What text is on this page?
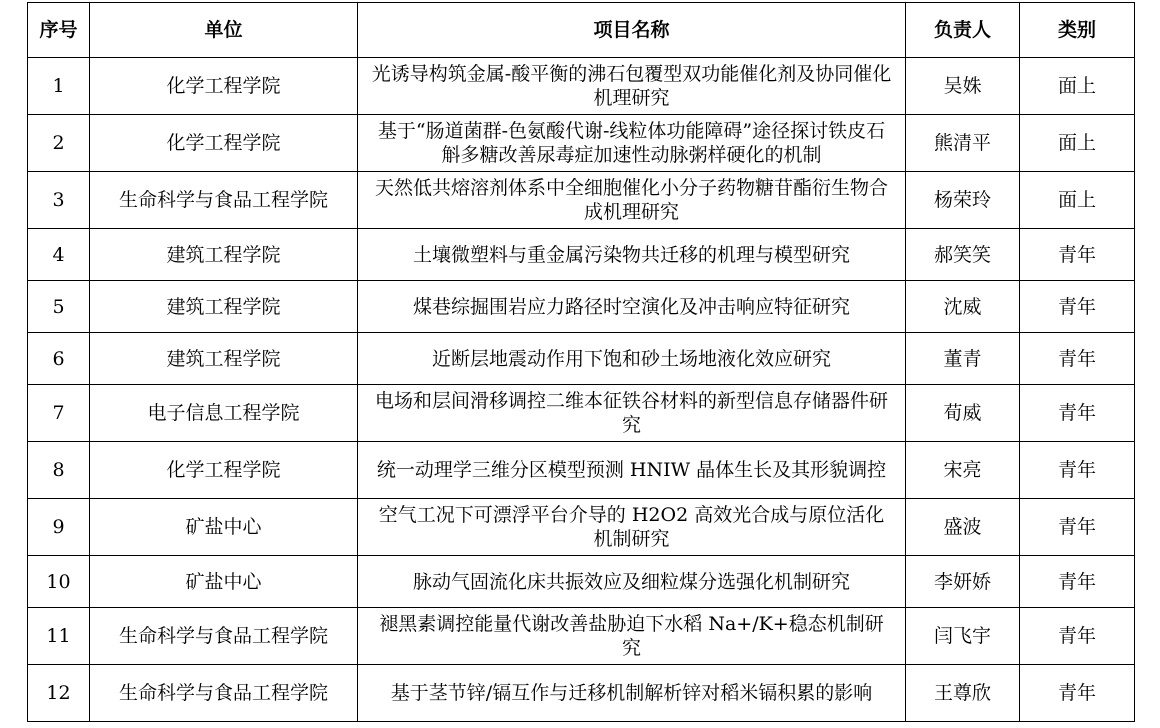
序号	单位	项目名称	负责人	类别
1	化学工程学院	光诱导构筑金属-酸平衡的沸石包覆型双功能催化剂及协同催化机理研究	吴姝	面上
2	化学工程学院	基于“肠道菌群-色氨酸代谢-线粒体功能障碍”途径探讨铁皮石斛多糖改善尿毒症加速性动脉粥样硬化的机制	熊清平	面上
3	生命科学与食品工程学院	天然低共熔溶剂体系中全细胞催化小分子药物糖苷酯衍生物合成机理研究	杨荣玲	面上
4	建筑工程学院	土壤微塑料与重金属污染物共迁移的机理与模型研究	郝笑笑	青年
5	建筑工程学院	煤巷综掘围岩应力路径时空演化及冲击响应特征研究	沈威	青年
6	建筑工程学院	近断层地震动作用下饱和砂土场地液化效应研究	董青	青年
7	电子信息工程学院	电场和层间滑移调控二维本征铁谷材料的新型信息存储器件研究	荀威	青年
8	化学工程学院	统一动理学三维分区模型预测 HNIW 晶体生长及其形貌调控	宋亮	青年
9	矿盐中心	空气工况下可漂浮平台介导的 H2O2 高效光合成与原位活化机制研究	盛波	青年
10	矿盐中心	脉动气固流化床共振效应及细粒煤分选强化机制研究	李妍娇	青年
11	生命科学与食品工程学院	褪黑素调控能量代谢改善盐胁迫下水稻 Na+/K+稳态机制研究	闫飞宇	青年
12	生命科学与食品工程学院	基于茎节锌/镉互作与迁移机制解析锌对稻米镉积累的影响	王尊欣	青年
